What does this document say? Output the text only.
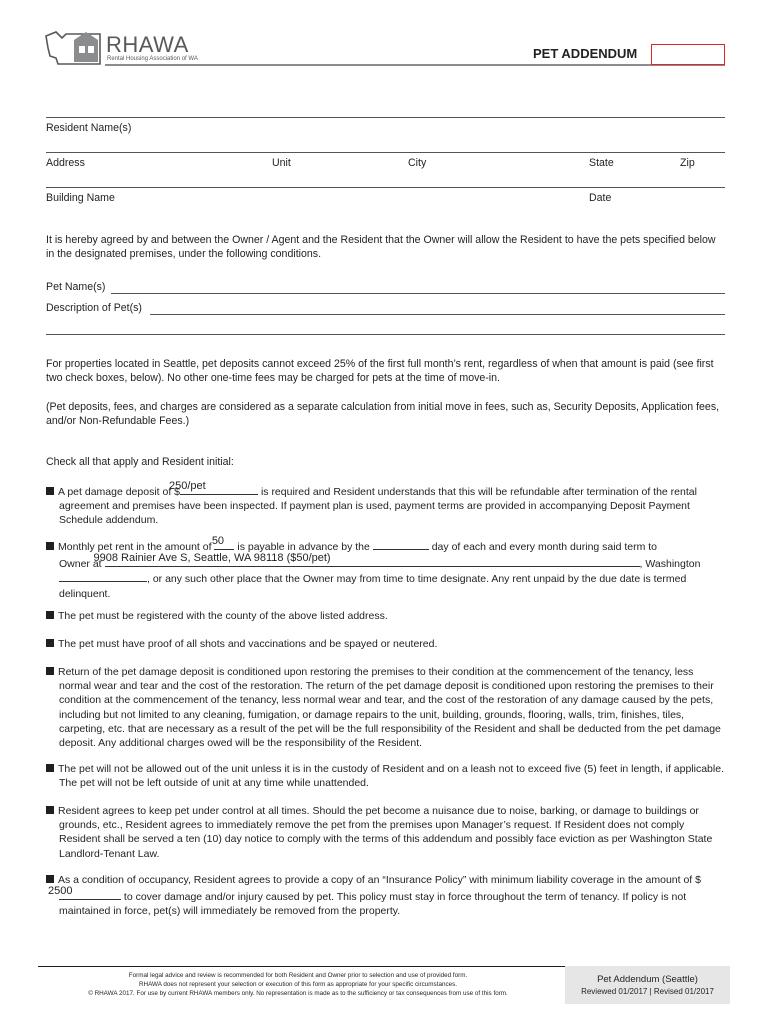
RHAWA
Rental Housing Association of WA	PET ADDENDUM
Resident Name(s)
Address	Unit	City	State	Zip
Building Name	Date
It is hereby agreed by and between the Owner / Agent and the Resident that the Owner will allow the Resident to have the pets specified below in the designated premises, under the following conditions.
Pet Name(s)
Description of Pet(s)
For properties located in Seattle, pet deposits cannot exceed 25% of the first full month’s rent, regardless of when that amount is paid (see first two check boxes, below). No other one-time fees may be charged for pets at the time of move-in.
(Pet deposits, fees, and charges are considered as a separate calculation from initial move in fees, such as, Security Deposits, Application fees, and/or Non-Refundable Fees.)
Check all that apply and Resident initial:
A pet damage deposit of $
250/pet
is required and Resident understands that this will be refundable after termination of the rental agreement and premises have been inspected. If payment plan is used, payment terms are provided in accompanying Deposit Payment Schedule addendum.
Monthly pet rent in the amount of
50
is payable in advance by the	day of each and every month during said term to
Owner at
9908 Rainier Ave S, Seattle, WA 98118 ($50/pet)
, Washington
, or any such other place that the Owner may from time to time designate. Any rent unpaid by the due date is termed delinquent.
The pet must be registered with the county of the above listed address.
The pet must have proof of all shots and vaccinations and be spayed or neutered.
Return of the pet damage deposit is conditioned upon restoring the premises to their condition at the commencement of the tenancy, less normal wear and tear and the cost of the restoration. The return of the pet damage deposit is conditioned upon restoring the premises to their condition at the commencement of the tenancy, less normal wear and tear, and the cost of the restoration of any damage caused by the pets, including but not limited to any cleaning, fumigation, or damage repairs to the unit, building, grounds, flooring, walls, trim, finishes, tiles, carpeting, etc. that are necessary as a result of the pet will be the full responsibility of the Resident and shall be deducted from the pet damage deposit. Any additional charges owed will be the responsibility of the Resident.
The pet will not be allowed out of the unit unless it is in the custody of Resident and on a leash not to exceed five (5) feet in length, if applicable. The pet will not be left outside of unit at any time while unattended.
Resident agrees to keep pet under control at all times. Should the pet become a nuisance due to noise, barking, or damage to buildings or grounds, etc., Resident agrees to immediately remove the pet from the premises upon Manager’s request. If Resident does not comply Resident shall be served a ten (10) day notice to comply with the terms of this addendum and possibly face eviction as per Washington State Landlord-Tenant Law.
As a condition of occupancy, Resident agrees to provide a copy of an “Insurance Policy” with minimum liability coverage in the amount of $
2500
to cover damage and/or injury caused by pet. This policy must stay in force throughout the term of tenancy. If policy is not maintained in force, pet(s) will immediately be removed from the property.
Formal legal advice and review is recommended for both Resident and Owner prior to selection and use of provided form.
RHAWA does not represent your selection or execution of this form as appropriate for your specific circumstances.
© RHAWA 2017. For use by current RHAWA members only. No representation is made as to the sufficiency or tax consequences from use of this form.
Pet Addendum (Seattle)
Reviewed 01/2017 | Revised 01/2017
